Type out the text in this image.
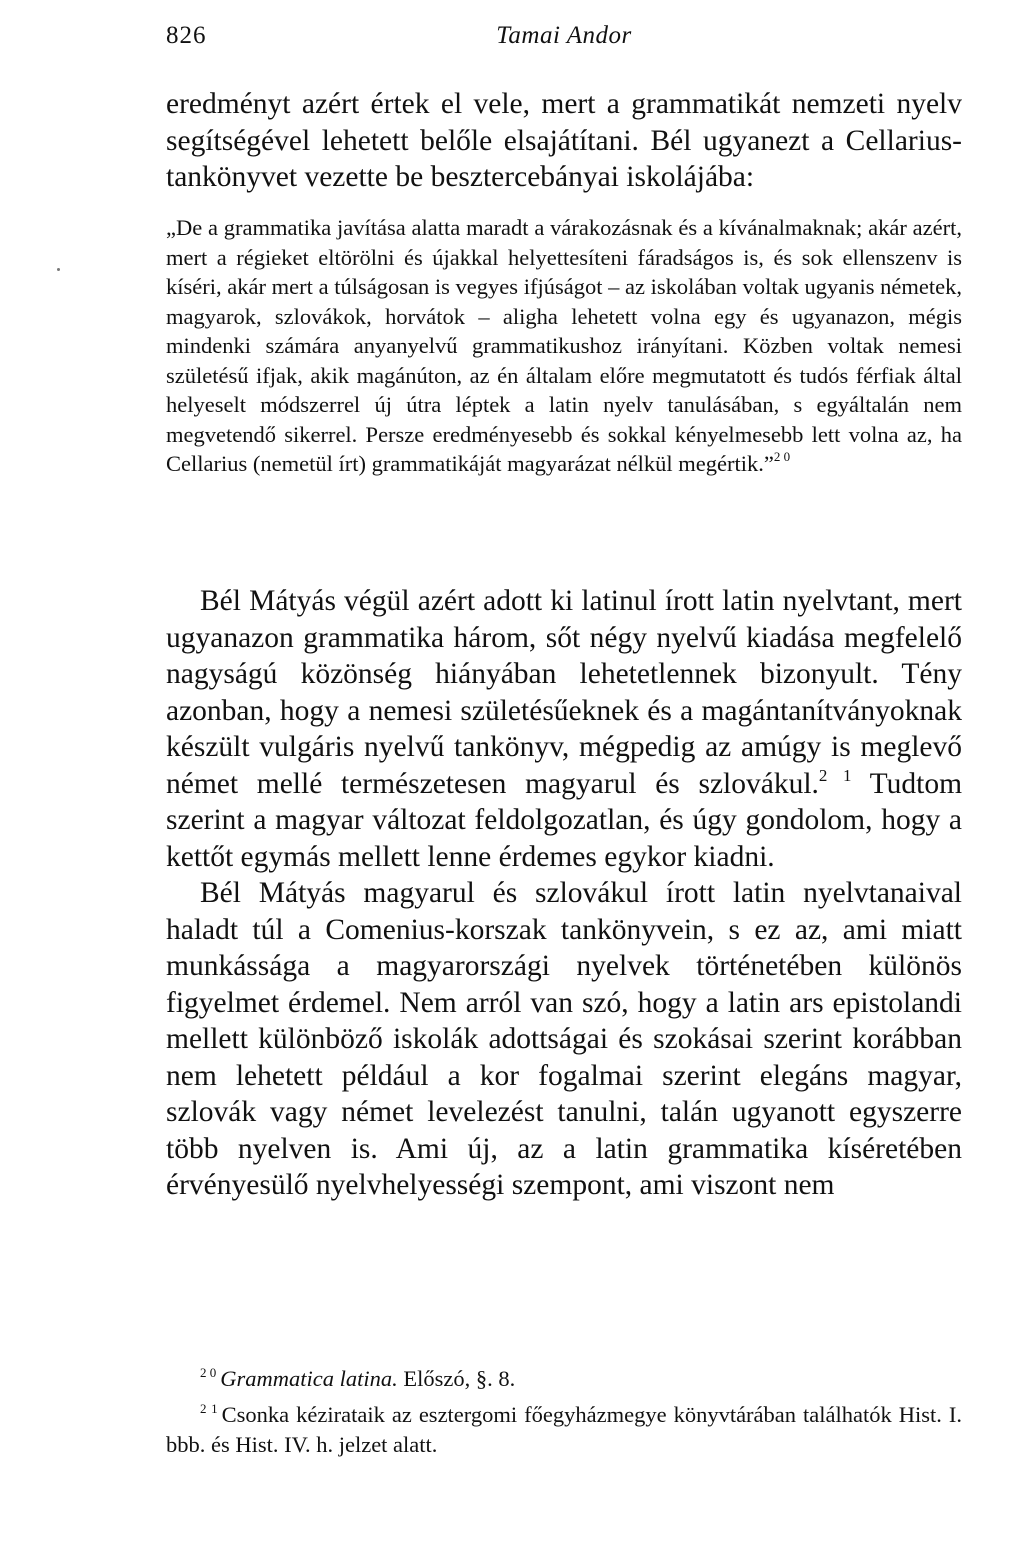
826	Tamai Andor

eredményt azért értek el vele, mert a grammatikát nemzeti nyelv segítségével lehetett belőle elsajátítani. Bél ugyanezt a Cellarius-tankönyvet vezette be besztercebányai iskolájába:

„De a grammatika javítása alatta maradt a várakozásnak és a kívánalmaknak; akár azért, mert a régieket eltörölni és újakkal helyettesíteni fáradságos is, és sok ellenszenv is kíséri, akár mert a túlságosan is vegyes ifjúságot – az iskolában voltak ugyanis németek, magyarok, szlovákok, horvátok – aligha lehetett volna egy és ugyanazon, mégis mindenki számára anyanyelvű grammatikushoz irányítani. Közben voltak nemesi születésű ifjak, akik magánúton, az én általam előre megmutatott és tudós férfiak által helyeselt módszerrel új útra léptek a latin nyelv tanulásában, s egyáltalán nem megvetendő sikerrel. Persze eredményesebb és sokkal kényelmesebb lett volna az, ha Cellarius (nemetül írt) grammatikáját magyarázat nélkül megértik.”$^{2 0}$

Bél Mátyás végül azért adott ki latinul írott latin nyelvtant, mert ugyanazon grammatika három, sőt négy nyelvű kiadása megfelelő nagyságú közönség hiányában lehetetlennek bizonyult. Tény azonban, hogy a nemesi születésűeknek és a magántanítványoknak készült vulgáris nyelvű tankönyv, mégpedig az amúgy is meglevő német mellé természetesen magyarul és szlovákul.$^{2 1}$ Tudtom szerint a magyar változat feldolgozatlan, és úgy gondolom, hogy a kettőt egymás mellett lenne érdemes egykor kiadni.

Bél Mátyás magyarul és szlovákul írott latin nyelvtanaival haladt túl a Comenius-korszak tankönyvein, s ez az, ami miatt munkássága a magyarországi nyelvek történetében különös figyelmet érdemel. Nem arról van szó, hogy a latin ars epistolandi mellett különböző iskolák adottságai és szokásai szerint korábban nem lehetett például a kor fogalmai szerint elegáns magyar, szlovák vagy német levelezést tanulni, talán ugyanott egyszerre több nyelven is. Ami új, az a latin grammatika kíséretében érvényesülő nyelvhelyességi szempont, ami viszont nem

$^{2 0}$ Grammatica latina. Előszó, §. 8.

$^{2 1}$ Csonka kézirataik az esztergomi főegyházmegye könyvtárában találhatók Hist. I. bbb. és Hist. IV. h. jelzet alatt.
